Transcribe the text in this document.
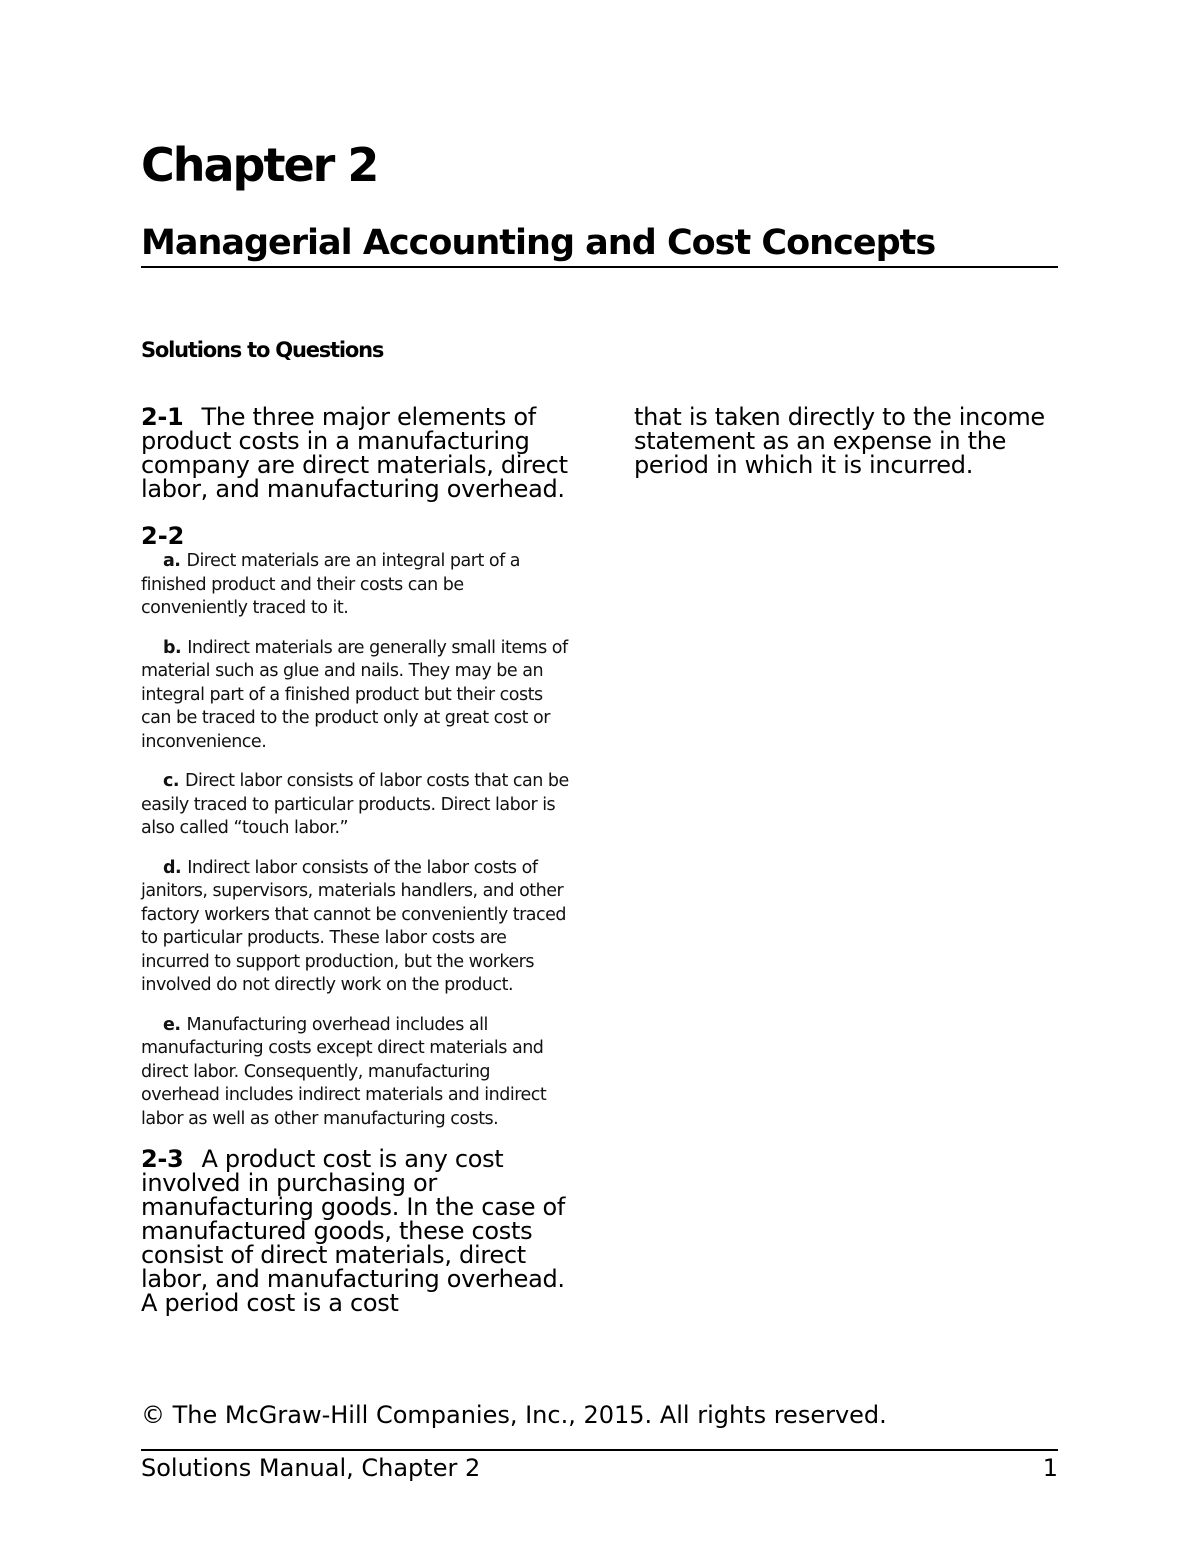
Chapter 2
Managerial Accounting and Cost Concepts
Solutions to Questions

2-1 The three major elements of product costs in a manufacturing company are direct materials, direct labor, and manufacturing overhead.

2-2

a. Direct materials are an integral part of a finished product and their costs can be conveniently traced to it.

b. Indirect materials are generally small items of material such as glue and nails. They may be an integral part of a finished product but their costs can be traced to the product only at great cost or inconvenience.

c. Direct labor consists of labor costs that can be easily traced to particular products. Direct labor is also called “touch labor.”

d. Indirect labor consists of the labor costs of janitors, supervisors, materials handlers, and other factory workers that cannot be conveniently traced to particular products. These labor costs are incurred to support production, but the workers involved do not directly work on the product.

e. Manufacturing overhead includes all manufacturing costs except direct materials and direct labor. Consequently, manufacturing overhead includes indirect materials and indirect labor as well as other manufacturing costs.

2-3 A product cost is any cost involved in purchasing or manufacturing goods. In the case of manufactured goods, these costs consist of direct materials, direct labor, and manufacturing overhead. A period cost is a cost

that is taken directly to the income statement as an expense in the period in which it is incurred.

© The McGraw-Hill Companies, Inc., 2015. All rights reserved.
Solutions Manual, Chapter 2	1
